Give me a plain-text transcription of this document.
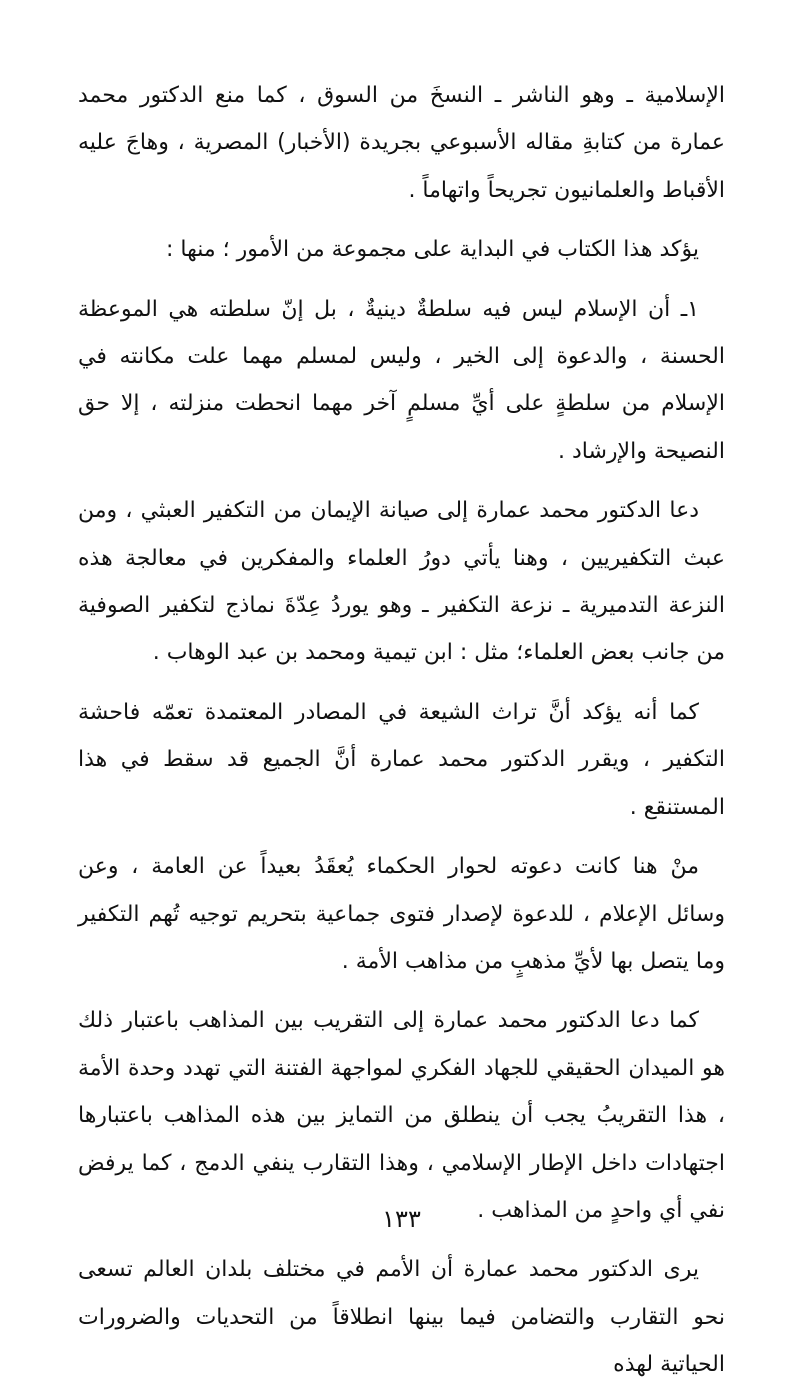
الإسلامية ـ وهو الناشر ـ النسخَ من السوق ، كما منع الدكتور محمد عمارة من كتابةِ مقاله الأسبوعي بجريدة (الأخبار) المصرية ، وهاجَ عليه الأقباط والعلمانيون تجريحاً واتهاماً .

يؤكد هذا الكتاب في البداية على مجموعة من الأمور ؛ منها :

١ـ أن الإسلام ليس فيه سلطةٌ دينيةٌ ، بل إنّ سلطته هي الموعظة الحسنة ، والدعوة إلى الخير ، وليس لمسلم مهما علت مكانته في الإسلام من سلطةٍ على أيِّ مسلمٍ آخر مهما انحطت منزلته ، إلا حق النصيحة والإرشاد .

دعا الدكتور محمد عمارة إلى صيانة الإيمان من التكفير العبثي ، ومن عبث التكفيريين ، وهنا يأتي دورُ العلماء والمفكرين في معالجة هذه النزعة التدميرية ـ نزعة التكفير ـ وهو يوردُ عِدّةَ نماذج لتكفير الصوفية من جانب بعض العلماء؛ مثل : ابن تيمية ومحمد بن عبد الوهاب .

كما أنه يؤكد أنَّ تراث الشيعة في المصادر المعتمدة تعمّه فاحشة التكفير ، ويقرر الدكتور محمد عمارة أنَّ الجميع قد سقط في هذا المستنقع .

منْ هنا كانت دعوته لحوار الحكماء يُعقَدُ بعيداً عن العامة ، وعن وسائل الإعلام ، للدعوة لإصدار فتوى جماعية بتحريم توجيه تُهم التكفير وما يتصل بها لأيِّ مذهبٍ من مذاهب الأمة .

كما دعا الدكتور محمد عمارة إلى التقريب بين المذاهب باعتبار ذلك هو الميدان الحقيقي للجهاد الفكري لمواجهة الفتنة التي تهدد وحدة الأمة ، هذا التقريبُ يجب أن ينطلق من التمايز بين هذه المذاهب باعتبارها اجتهادات داخل الإطار الإسلامي ، وهذا التقارب ينفي الدمج ، كما يرفض نفي أي واحدٍ من المذاهب .

يرى الدكتور محمد عمارة أن الأمم في مختلف بلدان العالم تسعى نحو التقارب والتضامن فيما بينها انطلاقاً من التحديات والضرورات الحياتية لهذه

١٣٣
